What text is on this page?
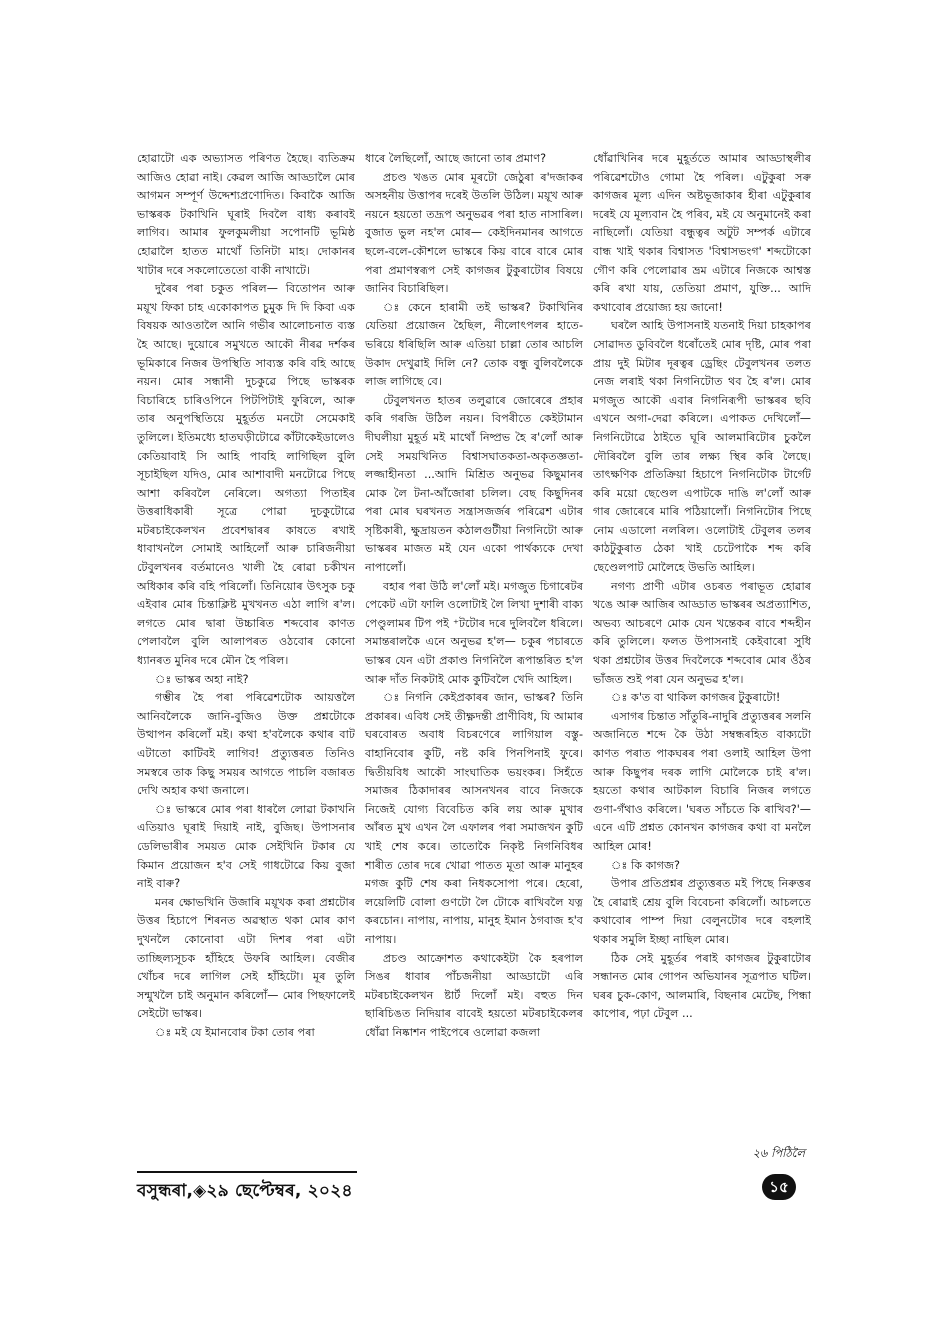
হোৱাটো এক অভ্যাসত পৰিণত হৈছে। ব্যতিক্ৰম আজিও হোৱা নাই। কেৱল আজি আড্ডালৈ মোৰ আগমন সম্পূৰ্ণ উদ্দেশ্যপ্ৰণোদিত। কিবাকৈ আজি ভাস্কৰক টকাখিনি ঘূৰাই দিবলৈ বাধ্য কৰাবই লাগিব। আমাৰ ফুলকুমলীয়া সপোনটি ভূমিষ্ঠ হোৱালৈ হাতত মাথোঁ তিনিটা মাহ। দোকানৰ খাটাৰ দৰে সকলোতেতো বাকী নাখাটে।

দুৰৈৰ পৰা চকুত পৰিল— বিতোপন আৰু ময়ূখ ফিকা চাহ একোকাপত চুমুক দি দি কিবা এক বিষয়ক আওতালৈ আনি গভীৰ আলোচনাত ব্যস্ত হৈ আছে। দুয়োৰে সমুখতে আকৌ নীৰৱ দৰ্শকৰ ভূমিকাৰে নিজৰ উপস্থিতি সাব্যস্ত কৰি বহি আছে নয়ন। মোৰ সন্ধানী দুচকুৱে পিছে ভাস্কৰক বিচাৰিহে চাৰিওপিনে পিটপিটাই ফুৰিলে, আৰু তাৰ অনুপস্থিতিয়ে মুহূৰ্তত মনটো সেমেকাই তুলিলে। ইতিমধ্যে হাতঘড়ীটোৱে কাঁটাকেইডালেও কেতিয়াবাই সি আহি পাবহি লাগিছিল বুলি সূচাইছিল যদিও, মোৰ আশাবাদী মনটোৱে পিছে আশা কৰিবলৈ নেৰিলে। অগত্যা পিতাইৰ উত্তৰাধিকাৰী সূত্ৰে পোৱা দুচকুটোৱে মটৰচাইকেলখন প্ৰবেশদ্বাৰৰ কাষতে ৰখাই ধাবাখনলৈ সোমাই আহিলোঁ আৰু চাৰিজনীয়া টেবুলখনৰ বৰ্তমানেও খালী হৈ ৰোৱা চকীখন অধিকাৰ কৰি বহি পৰিলোঁ। তিনিয়োৰ উৎসুক চকু এইবাৰ মোৰ চিন্তাক্লিষ্ট মুখখনত এঠা লাগি ৰ'ল। লগতে মোৰ দ্বাৰা উচ্চাৰিত শব্দবোৰ কাণত পেলাবলৈ বুলি আলাপৰত ওঠবোৰ কোনো ধ্যানৰত মুনিৰ দৰে মৌন হৈ পৰিল।

ঃ ভাস্কৰ অহা নাই?

গম্ভীৰ হৈ পৰা পৰিৱেশটোক আয়ত্তলৈ আনিবলৈকে জানি-বুজিও উক্ত প্ৰশ্নটোকে উত্থাপন কৰিলোঁ মই। কথা হ'বলৈকে কথাৰ বাট এটাতো কাটিবই লাগিব! প্ৰত্যুত্তৰত তিনিও সমস্বৰে তাক কিছু সময়ৰ আগতে পাচলি বজাৰত দেখি অহাৰ কথা জনালে।

ঃ ভাস্কৰে মোৰ পৰা ধাৰলৈ লোৱা টকাখনি এতিয়াও ঘূৰাই দিয়াই নাই, বুজিছ। উপাসনাৰ ডেলিভাৰীৰ সময়ত মোক সেইখিনি টকাৰ যে কিমান প্ৰয়োজন হ'ব সেই গাধটোৱে কিয় বুজা নাই বাৰু?

মনৰ ক্ষোভখিনি উজাৰি ময়ূখক কৰা প্ৰশ্নটোৰ উত্তৰ হিচাপে শিৰনত অৱস্থাত থকা মোৰ কাণ দুখনলৈ কোনোবা এটা দিশৰ পৰা এটা তাচ্ছিল্যসূচক হাঁহিহে উফৰি আহিল। বেজীৰ খোঁচৰ দৰে লাগিল সেই হাঁহিটো। মূৰ তুলি সন্মুখলৈ চাই অনুমান কৰিলোঁ— মোৰ পিছফালেই সেইটো ভাস্কৰ।

ঃ মই যে ইমানবোৰ টকা তোৰ পৰা

ধাৰে লৈছিলোঁ, আছে জানো তাৰ প্ৰমাণ?

প্ৰচণ্ড খঙত মোৰ মূৰটো জেঠুৰা ৰ'দজাকৰ অসহনীয় উত্তাপৰ দৰেই উতলি উঠিল। ময়ূখ আৰু নয়নে হয়তো তদ্ৰূপ অনুভৱৰ পৰা হাত নাসাৰিল। বুজাত ভুল নহ'ল মোৰ— কেইদিনমানৰ আগতে ছলে-বলে-কৌশলে ভাস্কৰে কিয় বাৰে বাৰে মোৰ পৰা প্ৰমাণস্বৰূপ সেই কাগজৰ টুকুৰাটোৰ বিষয়ে জানিব বিচাৰিছিল।

ঃ কেনে হাৰামী তই ভাস্কৰ? টকাখিনিৰ যেতিয়া প্ৰয়োজন হৈছিল, নীলোৎপলৰ হাতে-ভৰিয়ে ধৰিছিলি আৰু এতিয়া চাল্লা তোৰ আচলি উকাদ দেখুৱাই দিলি নে? তোক বন্ধু বুলিবলৈকে লাজ লাগিছে বে।

টেবুলখনত হাতৰ তলুৱাৰে জোৰেৰে প্ৰহাৰ কৰি গৰজি উঠিল নয়ন। বিপৰীতে কেইটামান দীঘলীয়া মুহূৰ্ত মই মাথোঁ নিষ্প্ৰভ হৈ ৰ'লোঁ আৰু সেই সময়খিনিত বিশ্বাসঘাতকতা-অকৃতজ্ঞতা-লজ্জাহীনতা ...আদি মিশ্ৰিত অনুভৱ কিছুমানৰ মোক লৈ টনা-আঁজোৰা চলিল। বেছ কিছুদিনৰ পৰা মোৰ ঘৰখনত সন্ত্ৰাসজৰ্জৰ পৰিৱেশ এটাৰ সৃষ্টিকাৰী, ক্ষুদ্ৰায়তন কঠালগুটীয়া নিগনিটো আৰু ভাস্কৰৰ মাজত মই যেন একো পাৰ্থক্যকে দেখা নাপালোঁ।

বহাৰ পৰা উঠি ল'লোঁ মই। মগজুত চিগাৰেটৰ পেকেট এটা ফালি ওলোটাই লৈ লিখা দুশাৰী বাক্য পেণ্ডুলামৰ টিপ পই ⁺টটোৰ দৰে দুলিবলৈ ধৰিলে। সমান্তৰালকৈ এনে অনুভৱ হ'ল— চকুৰ পচাৰতে ভাস্কৰ যেন এটা প্ৰকাণ্ড নিগনিলৈ ৰূপান্তৰিত হ'ল আৰু দাঁত নিকটাই মোক কুটিবলৈ খেদি আহিল।

ঃ নিগনি কেইপ্ৰকাৰৰ জান, ভাস্কৰ? তিনি প্ৰকাৰৰ। এবিধ সেই তীক্ষ্ণদন্তী প্ৰাণীবিধ, যি আমাৰ ঘৰবোৰত অবাধ বিচৰণেৰে লাগিয়াল বস্তু-বাহানিবোৰ কুটি, নষ্ট কৰি পিনপিনাই ফুৰে। দ্বিতীয়বিধ আকৌ সাংঘাতিক ভয়ংকৰ। সিহঁতে সমাজৰ ঠিকাদাৰৰ আসনখনৰ বাবে নিজকে নিজেই যোগ্য বিবেচিত কৰি লয় আৰু মুখাৰ আঁৰত মুখ এখন লৈ এফালৰ পৰা সমাজখন কুটি খাই শেষ কৰে। তাতোকৈ নিকৃষ্ট নিগনিবিধৰ শাৰীত তোৰ দৰে খোৱা পাতত মূতা আৰু মানুহৰ মগজ কুটি শেষ কৰা নিধকসোপা পৰে। হেৰো, লয়েলিটি বোলা গুণটো লৈ টোকে ৰাখিবলৈ যত্ন কৰচোন। নাপায়, নাপায়, মানুহ ইমান ঠগবাজ হ'ব নাপায়।

প্ৰচণ্ড আক্ৰোশত কথাকেইটা কৈ হৰপাল সিঙৰ ধাবাৰ পাঁচজনীয়া আড্ডাটো এৰি মটৰচাইকেলখন ষ্টাৰ্ট দিলোঁ মই। বহুত দিন ছাৰিচিঙত নিদিয়াৰ বাবেই হয়তো মটৰচাইকেলৰ ধোঁৱা নিষ্কাশন পাইপেৰে ওলোৱা কজলা

ধোঁৱাখিনিৰ দৰে মুহূৰ্ততে আমাৰ আড্ডাস্থলীৰ পৰিৱেশটোও গোমা হৈ পৰিল। এটুকুৰা সৰু কাগজৰ মূল্য এদিন অষ্টভূজাকাৰ হীৰা এটুকুৰাৰ দৰেই যে মূল্যবান হৈ পৰিব, মই যে অনুমানেই কৰা নাছিলোঁ। যেতিয়া বন্ধুত্বৰ অটুট সম্পৰ্ক এটাৰে বান্ধ খাই থকাৰ বিশ্বাসত 'বিশ্বাসভংগ' শব্দটোকো গৌণ কৰি পেলোৱাৰ ভ্ৰম এটাৰে নিজকে আশ্বস্ত কৰি ৰখা যায়, তেতিয়া প্ৰমাণ, যুক্তি... আদি কথাবোৰ প্ৰয়োজ্য হয় জানো!

ঘৰলৈ আহি উপাসনাই যতনাই দিয়া চাহকাপৰ সোৱাদত ডুবিবলৈ ধৰোঁতেই মোৰ দৃষ্টি, মোৰ পৰা প্ৰায় দুই মিটাৰ দূৰত্বৰ ড্ৰেছিং টেবুলখনৰ তলত নেজ লৰাই থকা নিগনিটোত থব হৈ ৰ'ল। মোৰ মগজুত আকৌ এবাৰ নিগনিৰূপী ভাস্কৰৰ ছবি এখনে অগা-দেৱা কৰিলে। এপাকত দেখিলোঁ— নিগনিটোৱে ঠাইতে ঘূৰি আলমাৰিটোৰ চুকলৈ দৌৰিবলৈ বুলি তাৰ লক্ষ্য স্থিৰ কৰি লৈছে। তাৎক্ষণিক প্ৰতিক্ৰিয়া হিচাপে নিগনিটোক টাৰ্গেট কৰি ময়ো ছেণ্ডেল এপাটকে দাঙি ল'লোঁ আৰু গাৰ জোৰেৰে মাৰি পঠিয়ালোঁ। নিগনিটোৰ পিছে নোম এডালো নলৰিল। ওলোটাই টেবুলৰ তলৰ কাঠটুকুৰাত ঠেকা খাই চেটেপাকৈ শব্দ কৰি ছেণ্ডেলপাট মোলৈহে উভতি আহিল।

নগণ্য প্ৰাণী এটাৰ ওচৰত পৰাভূত হোৱাৰ খঙে আৰু আজিৰ আড্ডাত ভাস্কৰৰ অপ্ৰত্যাশিত, অভব্য আচৰণে মোক যেন খন্তেকৰ বাবে শব্দহীন কৰি তুলিলে। ফলত উপাসনাই কেইবাৰো সুধি থকা প্ৰশ্নটোৰ উত্তৰ দিবলৈকে শব্দবোৰ মোৰ ওঁঠৰ ভাঁজত শুই পৰা যেন অনুভৱ হ'ল।

ঃ ক'ত বা থাকিল কাগজৰ টুকুৰাটো!

এসাগৰ চিন্তাত সাঁতুৰি-নাদুৰি প্ৰত্যুত্তৰৰ সলনি অজানিতে শব্দে কৈ উঠা সম্বন্ধৰহিত বাক্যটো কাণত পৰাত পাকঘৰৰ পৰা ওলাই আহিল উপা আৰু কিছুপৰ দৰক লাগি মোলৈকে চাই ৰ'ল। হয়তো কথাৰ আটকাল বিচাৰি নিজৰ লগতে গুণা-গঁথাও কৰিলে। 'ঘৰত সাঁচতে কি ৰাখিব?'— এনে এটি প্ৰশ্নত কোনখন কাগজৰ কথা বা মনলৈ আহিল মোৰ!

ঃ কি কাগজ?

উপাৰ প্ৰতিপ্ৰশ্নৰ প্ৰত্যুত্তৰত মই পিছে নিৰুত্তৰ হৈ ৰোৱাই শ্ৰেয় বুলি বিবেচনা কৰিলোঁ। আচলতে কথাবোৰ পাম্প দিয়া বেলুনটোৰ দৰে বহলাই থকাৰ সমুলি ইচ্ছা নাছিল মোৰ।

ঠিক সেই মুহূৰ্তৰ পৰাই কাগজৰ টুকুৰাটোৰ সন্ধানত মোৰ গোপন অভিযানৰ সূত্ৰপাত ঘটিল। ঘৰৰ চুক-কোণ, আলমাৰি, বিছনাৰ মেটেছ, পিন্ধা কাপোৰ, পঢ়া টেবুল ...

২৬ পিঠিলৈ
বসুন্ধৰা,◈২৯ ছেপ্টেম্বৰ, ২০২৪	১৫
